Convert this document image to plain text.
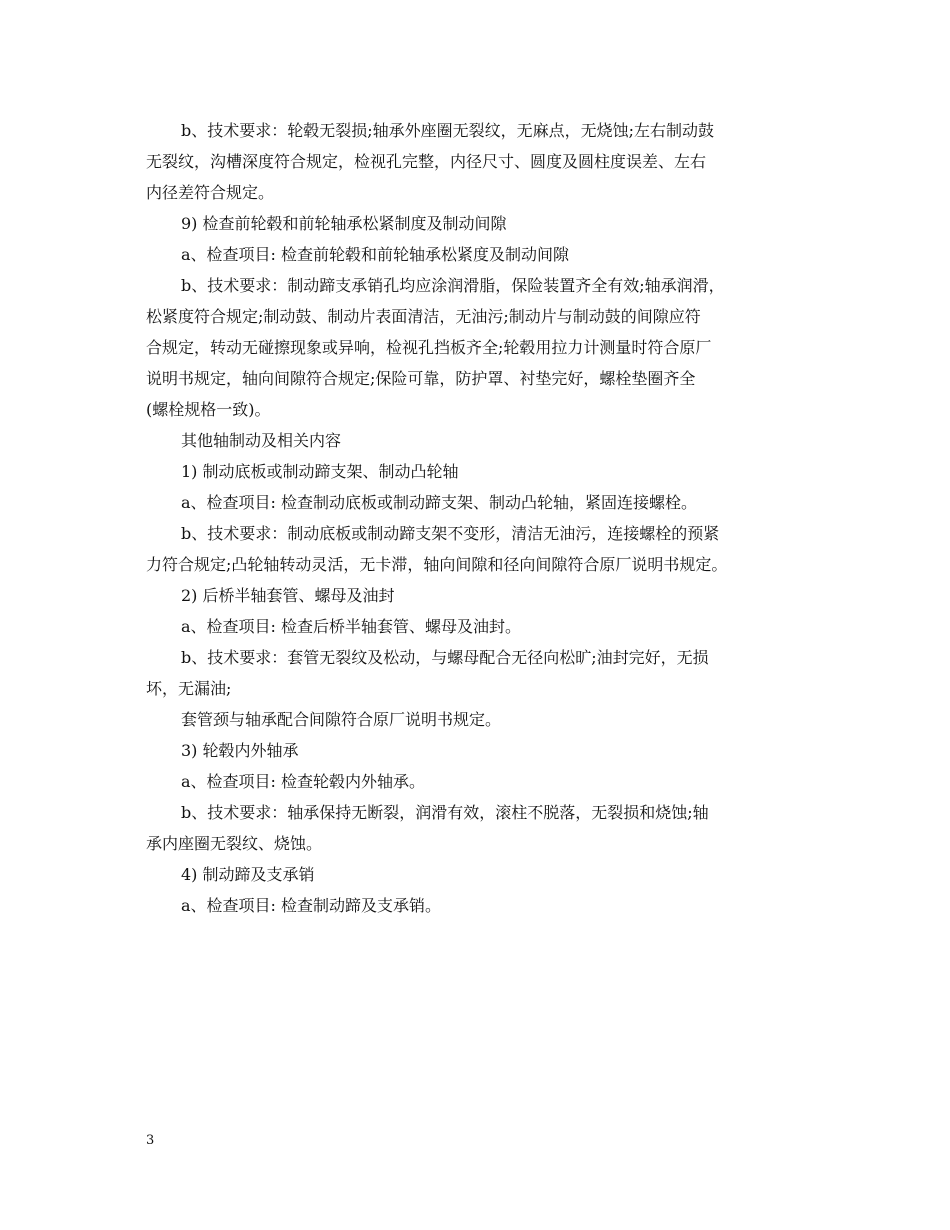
b、技术要求：轮毂无裂损;轴承外座圈无裂纹，无麻点，无烧蚀;左右制动鼓
无裂纹，沟槽深度符合规定，检视孔完整，内径尺寸、圆度及圆柱度误差、左右
内径差符合规定。
9) 检查前轮毂和前轮轴承松紧制度及制动间隙
a、检查项目: 检查前轮毂和前轮轴承松紧度及制动间隙
b、技术要求：制动蹄支承销孔均应涂润滑脂，保险装置齐全有效;轴承润滑，
松紧度符合规定;制动鼓、制动片表面清洁，无油污;制动片与制动鼓的间隙应符
合规定，转动无碰擦现象或异响，检视孔挡板齐全;轮毂用拉力计测量时符合原厂
说明书规定，轴向间隙符合规定;保险可靠，防护罩、衬垫完好，螺栓垫圈齐全
(螺栓规格一致)。
其他轴制动及相关内容
1) 制动底板或制动蹄支架、制动凸轮轴
a、检查项目: 检查制动底板或制动蹄支架、制动凸轮轴，紧固连接螺栓。
b、技术要求：制动底板或制动蹄支架不变形，清洁无油污，连接螺栓的预紧
力符合规定;凸轮轴转动灵活，无卡滞，轴向间隙和径向间隙符合原厂说明书规定。
2) 后桥半轴套管、螺母及油封
a、检查项目: 检查后桥半轴套管、螺母及油封。
b、技术要求：套管无裂纹及松动，与螺母配合无径向松旷;油封完好，无损
坏，无漏油;
套管颈与轴承配合间隙符合原厂说明书规定。
3) 轮毂内外轴承
a、检查项目: 检查轮毂内外轴承。
b、技术要求：轴承保持无断裂，润滑有效，滚柱不脱落，无裂损和烧蚀;轴
承内座圈无裂纹、烧蚀。
4) 制动蹄及支承销
a、检查项目: 检查制动蹄及支承销。
3
